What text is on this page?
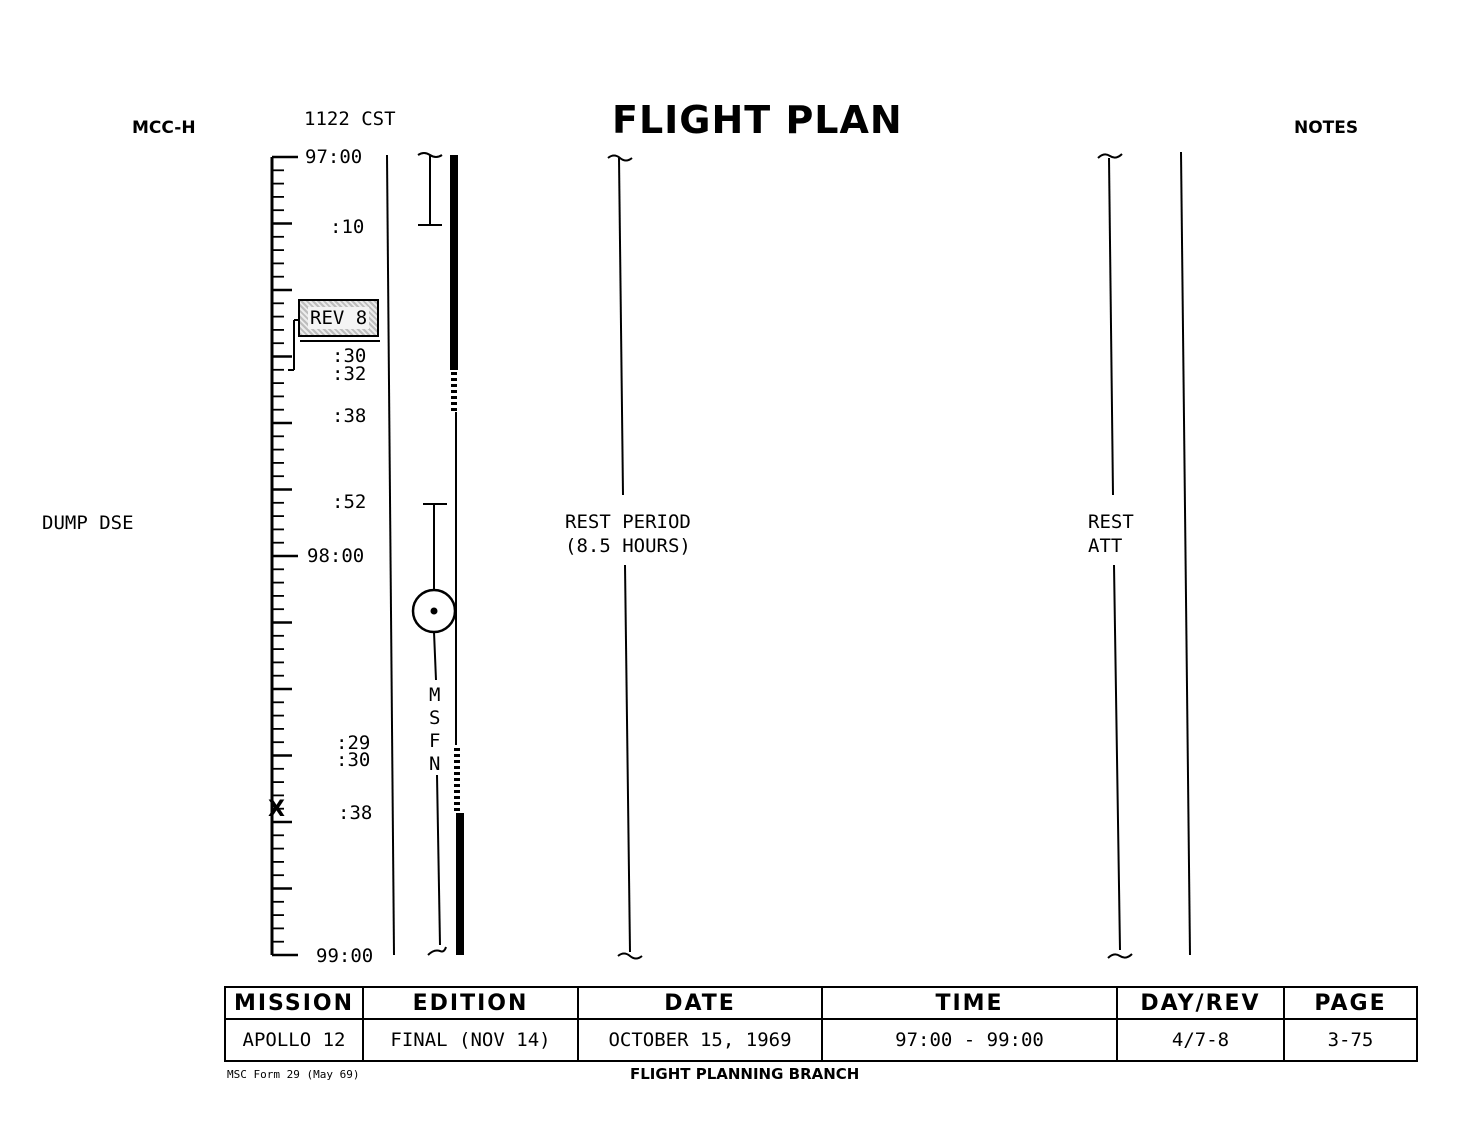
MCC-H	1122 CST	FLIGHT PLAN	NOTES
DUMP DSE
97:00
:10
:30
:32
:38
:52
98:00
:29
:30
:38
99:00
X
REV 8
M
S
F
N
REST PERIOD
(8.5 HOURS)
REST
ATT
MISSION	EDITION	DATE	TIME	DAY/REV	PAGE
APOLLO 12	FINAL (NOV 14)	OCTOBER 15, 1969	97:00 - 99:00	4/7-8	3-75
MSC Form 29 (May 69)	FLIGHT PLANNING BRANCH
